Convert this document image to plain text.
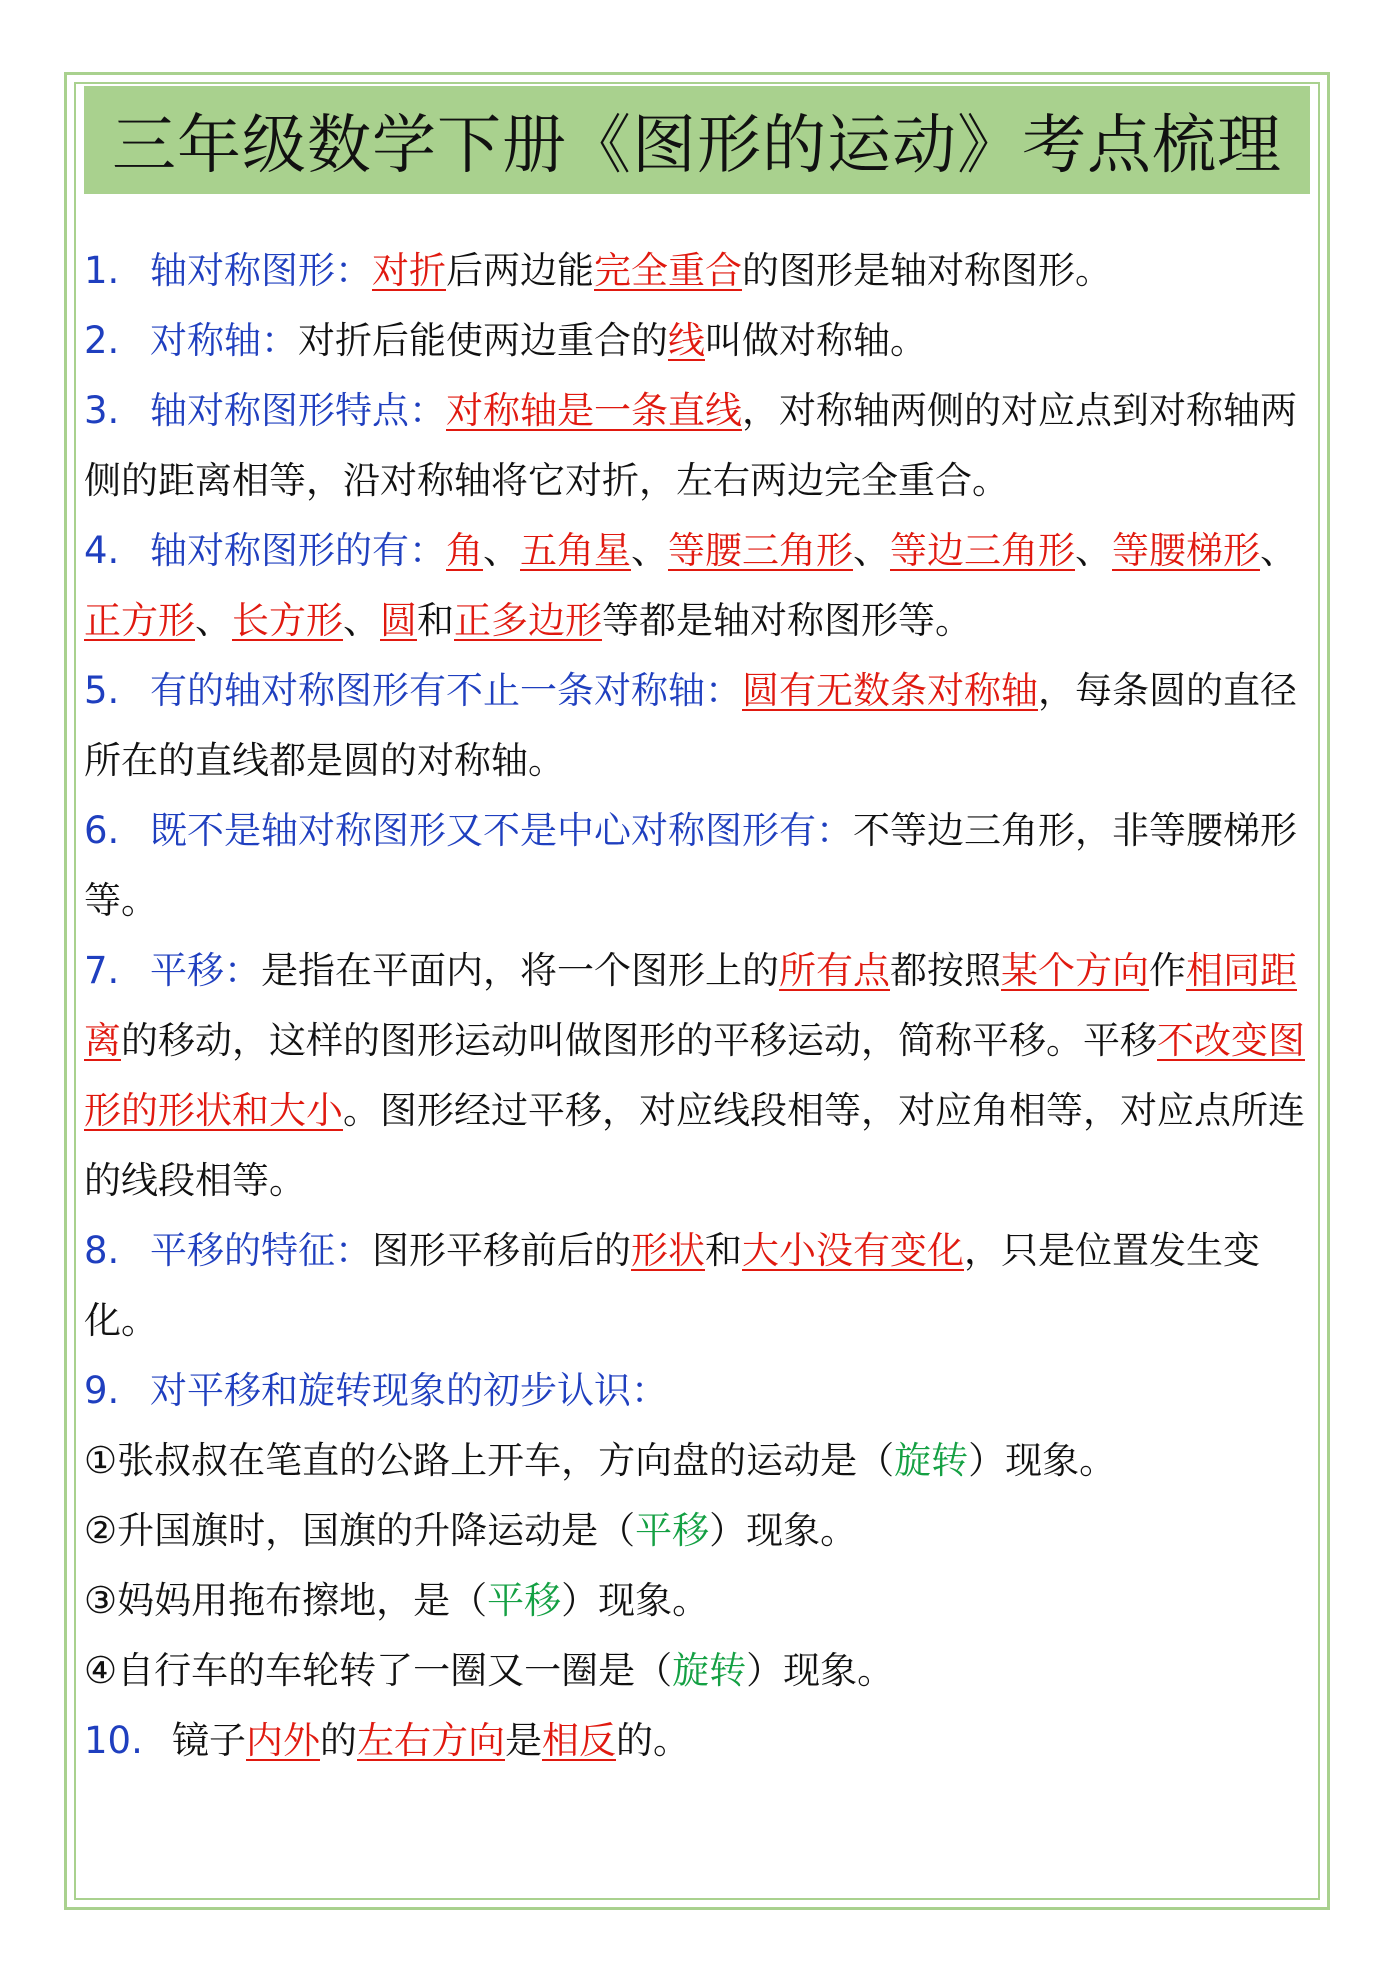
三年级数学下册《图形的运动》考点梳理

1. 轴对称图形：对折后两边能完全重合的图形是轴对称图形。

2. 对称轴：对折后能使两边重合的线叫做对称轴。

3. 轴对称图形特点：对称轴是一条直线，对称轴两侧的对应点到对称轴两侧的距离相等，沿对称轴将它对折，左右两边完全重合。

4. 轴对称图形的有：角、五角星、等腰三角形、等边三角形、等腰梯形、正方形、长方形、圆和正多边形等都是轴对称图形等。

5. 有的轴对称图形有不止一条对称轴：圆有无数条对称轴，每条圆的直径所在的直线都是圆的对称轴。

6. 既不是轴对称图形又不是中心对称图形有：不等边三角形，非等腰梯形等。

7. 平移：是指在平面内，将一个图形上的所有点都按照某个方向作相同距离的移动，这样的图形运动叫做图形的平移运动，简称平移。平移不改变图形的形状和大小。图形经过平移，对应线段相等，对应角相等，对应点所连的线段相等。

8. 平移的特征：图形平移前后的形状和大小没有变化，只是位置发生变化。

9. 对平移和旋转现象的初步认识：

①张叔叔在笔直的公路上开车，方向盘的运动是（旋转）现象。

②升国旗时，国旗的升降运动是（平移）现象。

③妈妈用拖布擦地，是（平移）现象。

④自行车的车轮转了一圈又一圈是（旋转）现象。

10. 镜子内外的左右方向是相反的。
